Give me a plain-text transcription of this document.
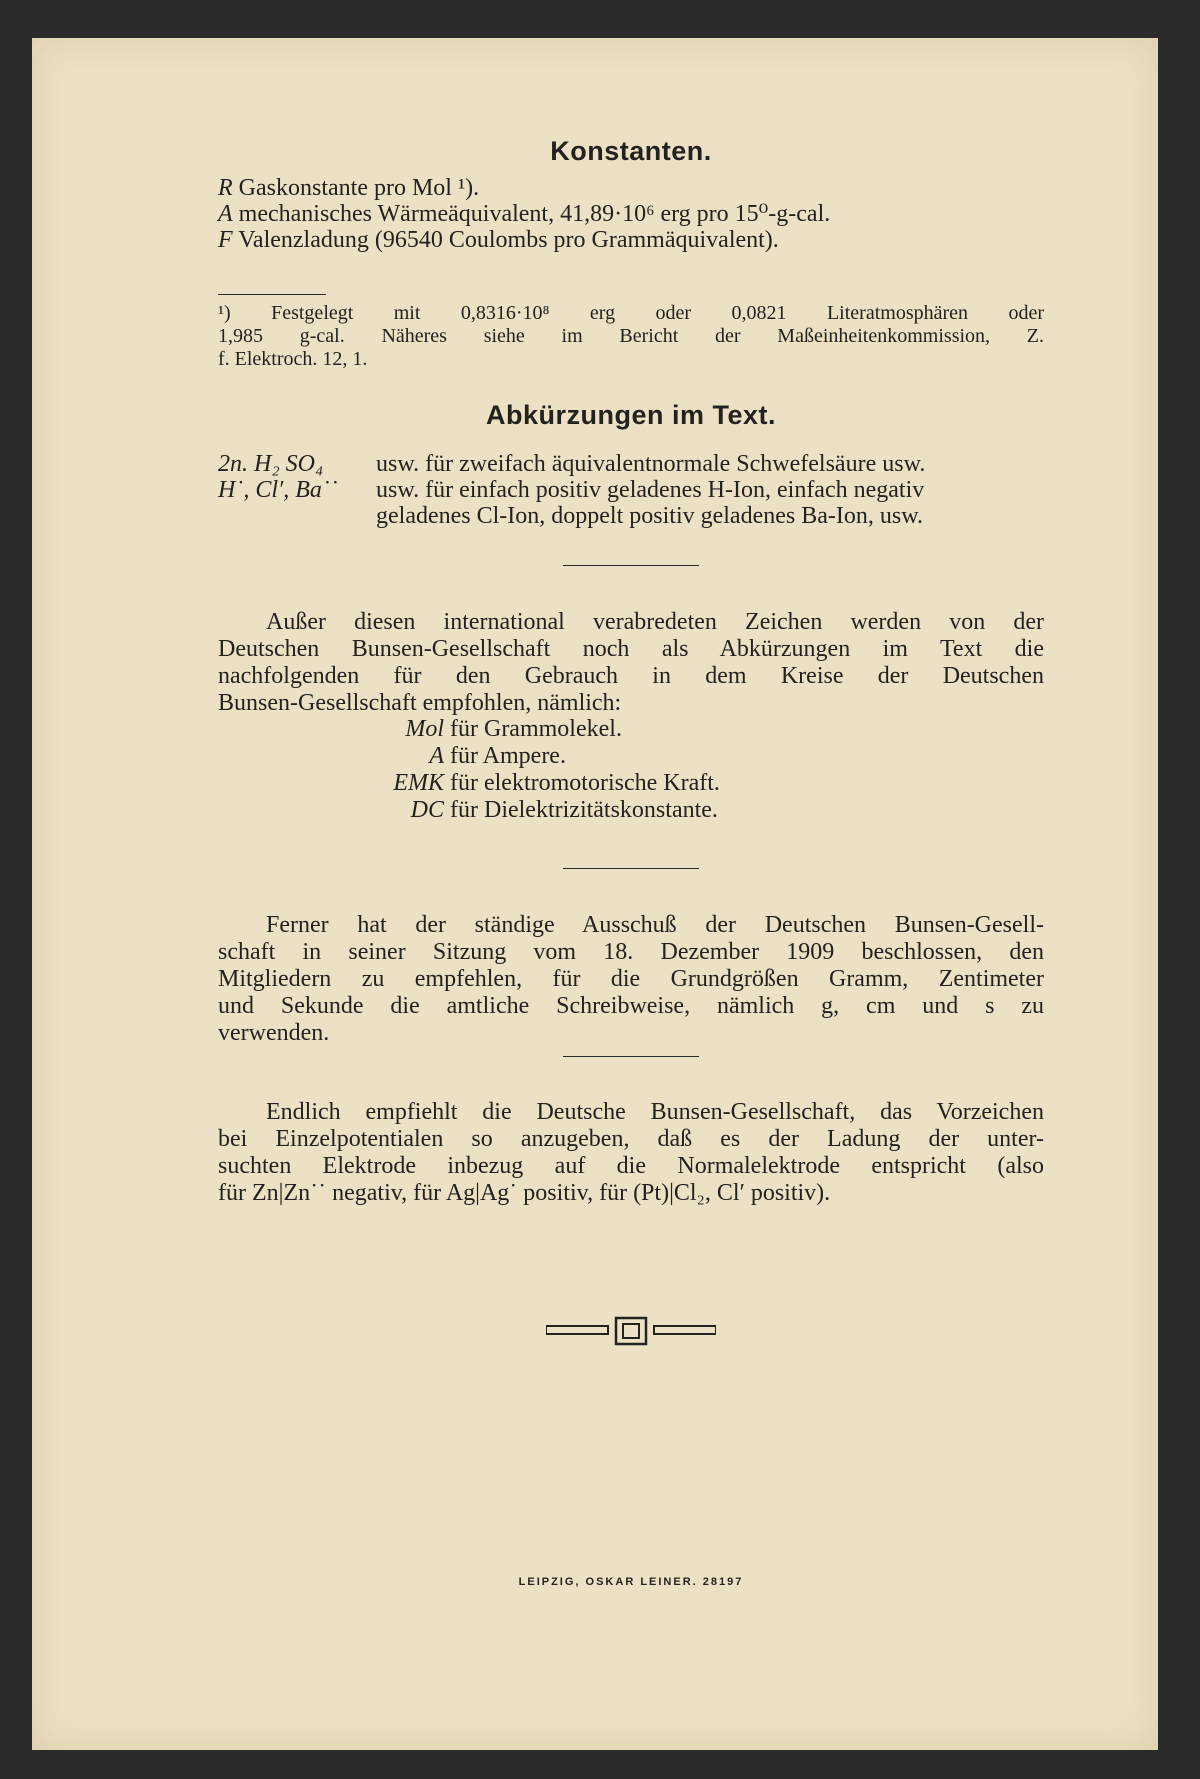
Konstanten.
R Gaskonstante pro Mol ¹).
A mechanisches Wärmeäquivalent, 41,89·10⁶ erg pro 15⁰-g-cal.
F Valenzladung (96540 Coulombs pro Grammäquivalent).
¹) Festgelegt mit 0,8316·10⁸ erg oder 0,0821 Literatmosphären oder
1,985 g-cal. Näheres siehe im Bericht der Maßeinheitenkommission, Z.
f. Elektroch. 12, 1.
Abkürzungen im Text.
2n. H₂ SO₄ usw. für zweifach äquivalentnormale Schwefelsäure usw.
H˙, Cl′, Ba˙˙ usw. für einfach positiv geladenes H-Ion, einfach negativ
geladenes Cl-Ion, doppelt positiv geladenes Ba-Ion, usw.
Außer diesen international verabredeten Zeichen werden von der
Deutschen Bunsen-Gesellschaft noch als Abkürzungen im Text die
nachfolgenden für den Gebrauch in dem Kreise der Deutschen
Bunsen-Gesellschaft empfohlen, nämlich:
Mol für Grammolekel.
A für Ampere.
EMK für elektromotorische Kraft.
DC für Dielektrizitätskonstante.
Ferner hat der ständige Ausschuß der Deutschen Bunsen-Gesell-
schaft in seiner Sitzung vom 18. Dezember 1909 beschlossen, den
Mitgliedern zu empfehlen, für die Grundgrößen Gramm, Zentimeter
und Sekunde die amtliche Schreibweise, nämlich g, cm und s zu
verwenden.
Endlich empfiehlt die Deutsche Bunsen-Gesellschaft, das Vorzeichen
bei Einzelpotentialen so anzugeben, daß es der Ladung der unter-
suchten Elektrode inbezug auf die Normalelektrode entspricht (also
für Zn|Zn˙˙ negativ, für Ag|Ag˙ positiv, für (Pt)|Cl₂, Cl′ positiv).
LEIPZIG, OSKAR LEINER. 28197
